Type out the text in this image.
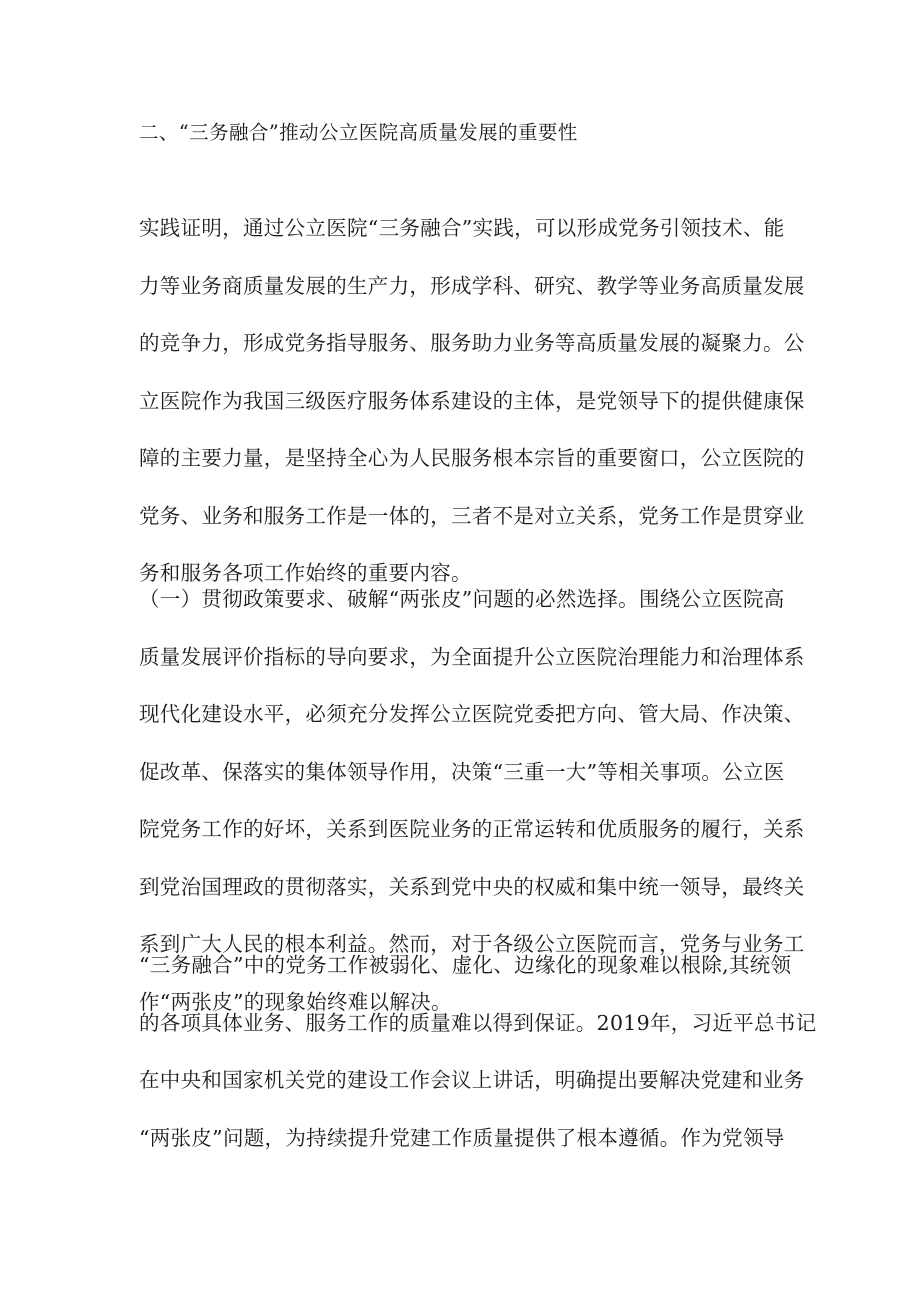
二、“三务融合”推动公立医院高质量发展的重要性
实践证明，通过公立医院“三务融合”实践，可以形成党务引领技术、能
力等业务商质量发展的生产力，形成学科、研究、教学等业务高质量发展
的竞争力，形成党务指导服务、服务助力业务等高质量发展的凝聚力。公
立医院作为我国三级医疗服务体系建设的主体，是党领导下的提供健康保
障的主要力量，是坚持全心为人民服务根本宗旨的重要窗口，公立医院的
党务、业务和服务工作是一体的，三者不是对立关系，党务工作是贯穿业
务和服务各项工作始终的重要内容。
（一）贯彻政策要求、破解“两张皮”问题的必然选择。围绕公立医院高
质量发展评价指标的导向要求，为全面提升公立医院治理能力和治理体系
现代化建设水平，必须充分发挥公立医院党委把方向、管大局、作决策、
促改革、保落实的集体领导作用，决策“三重一大”等相关事项。公立医
院党务工作的好坏，关系到医院业务的正常运转和优质服务的履行，关系
到党治国理政的贯彻落实，关系到党中央的权威和集中统一领导，最终关
系到广大人民的根本利益。然而，对于各级公立医院而言，党务与业务工
作“两张皮”的现象始终难以解决。
“三务融合”中的党务工作被弱化、虚化、边缘化的现象难以根除,其统领
的各项具体业务、服务工作的质量难以得到保证。2019年，习近平总书记
在中央和国家机关党的建设工作会议上讲话，明确提出要解决党建和业务
“两张皮”问题，为持续提升党建工作质量提供了根本遵循。作为党领导
